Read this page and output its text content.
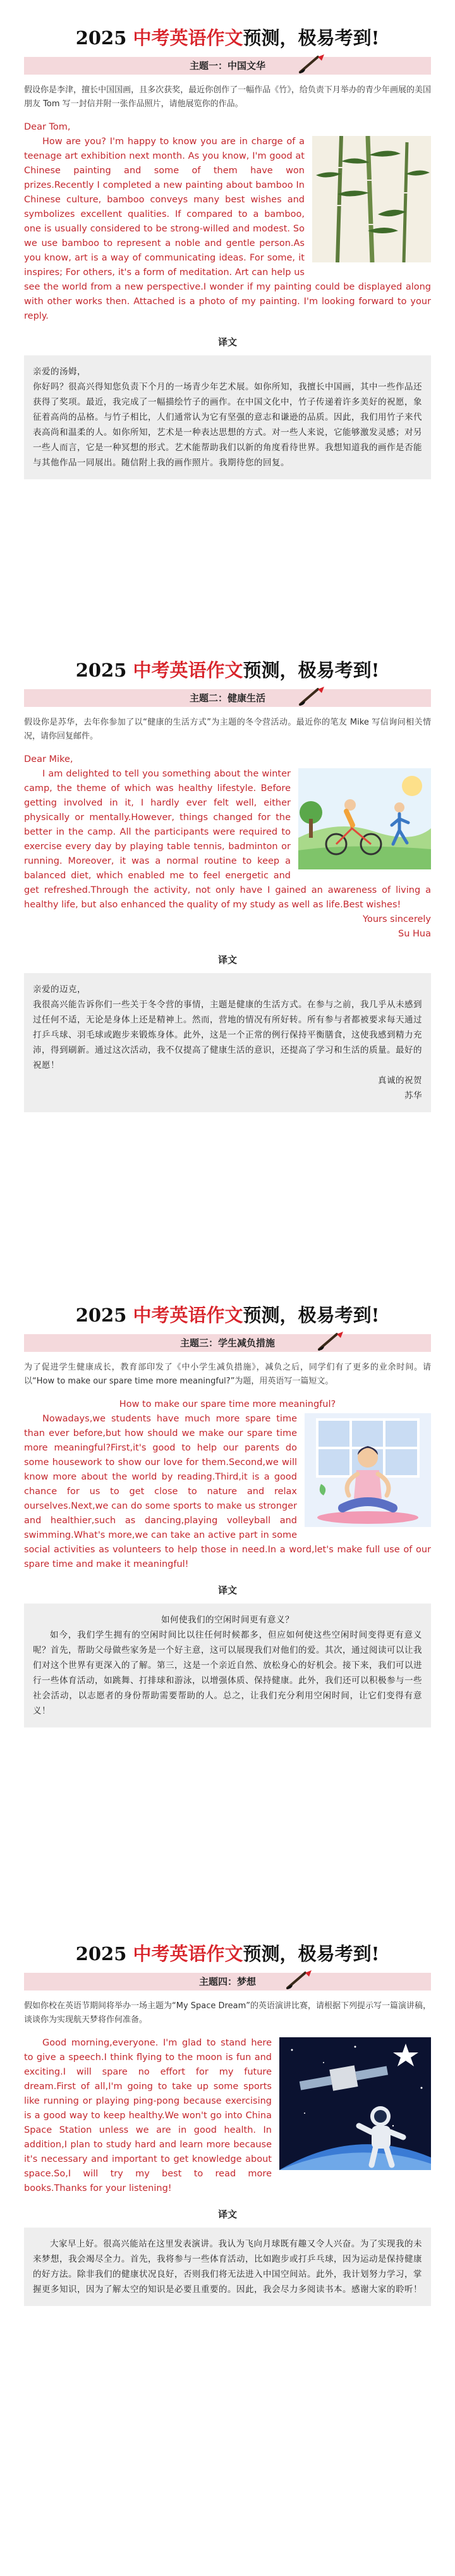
2025 中考英语作文预测，极易考到!
主题一：中国文华
假设你是李津，擅长中国国画，且多次获奖，最近你创作了一幅作品《竹》，给负责下月举办的青少年画展的美国朋友 Tom 写一封信并附一张作品照片，请他展览你的作品。

Dear Tom,

How are you? I'm happy to know you are in charge of a teenage art exhibition next month. As you know, I'm good at Chinese painting and some of them have won prizes.Recently I completed a new painting about bamboo In Chinese culture, bamboo conveys many best wishes and symbolizes excellent qualities. If compared to a bamboo, one is usually considered to be strong-willed and modest. So we use bamboo to represent a noble and gentle person.As you know, art is a way of communicating ideas. For some, it inspires; For others, it's a form of meditation. Art can help us see the world from a new perspective.I wonder if my painting could be displayed along with other works then. Attached is a photo of my painting. I'm looking forward to your reply.

译文

亲爱的汤姆，

你好吗？很高兴得知您负责下个月的一场青少年艺术展。如你所知，我擅长中国画，其中一些作品还获得了奖项。最近，我完成了一幅描绘竹子的画作。在中国文化中，竹子传递着许多美好的祝愿，象征着高尚的品格。与竹子相比，人们通常认为它有坚强的意志和谦逊的品质。因此，我们用竹子来代表高尚和温柔的人。如你所知，艺术是一种表达思想的方式。对一些人来说，它能够激发灵感；对另一些人而言，它是一种冥想的形式。艺术能帮助我们以新的角度看待世界。我想知道我的画作是否能与其他作品一同展出。随信附上我的画作照片。我期待您的回复。

2025 中考英语作文预测，极易考到!
主题二：健康生活
假设你是苏华，去年你参加了以“健康的生活方式”为主题的冬令营活动。最近你的笔友 Mike 写信询问相关情况，请你回复邮件。

Dear Mike,

I am delighted to tell you something about the winter camp, the theme of which was healthy lifestyle. Before getting involved in it, I hardly ever felt well, either physically or mentally.However, things changed for the better in the camp. All the participants were required to exercise every day by playing table tennis, badminton or running. Moreover, it was a normal routine to keep a balanced diet, which enabled me to feel energetic and get refreshed.Through the activity, not only have I gained an awareness of living a healthy life, but also enhanced the quality of my study as well as life.Best wishes!

Yours sincerely

Su Hua

译文

亲爱的迈克，

我很高兴能告诉你们一些关于冬令营的事情，主题是健康的生活方式。在参与之前，我几乎从未感到过任何不适，无论是身体上还是精神上。然而，营地的情况有所好转。所有参与者都被要求每天通过打乒乓球、羽毛球或跑步来锻炼身体。此外，这是一个正常的例行保持平衡膳食，这使我感到精力充沛，得到刷新。通过这次活动，我不仅提高了健康生活的意识，还提高了学习和生活的质量。最好的祝愿！

真诚的祝贺

苏华

2025 中考英语作文预测，极易考到!
主题三：学生减负措施
为了促进学生健康成长，教育部印发了《中小学生减负措施》，减负之后，同学们有了更多的业余时间。请以“How to make our spare time more meaningful?”为题，用英语写一篇短文。

How to make our spare time more meaningful?

Nowadays,we students have much more spare time than ever before,but how should we make our spare time more meaningful?First,it's good to help our parents do some housework to show our love for them.Second,we will know more about the world by reading.Third,it is a good chance for us to get close to nature and relax ourselves.Next,we can do some sports to make us stronger and healthier,such as dancing,playing volleyball and swimming.What's more,we can take an active part in some social activities as volunteers to help those in need.In a word,let's make full use of our spare time and make it meaningful!

译文

如何使我们的空闲时间更有意义？

如今，我们学生拥有的空闲时间比以往任何时候都多，但应如何使这些空闲时间变得更有意义呢？首先，帮助父母做些家务是一个好主意，这可以展现我们对他们的爱。其次，通过阅读可以让我们对这个世界有更深入的了解。第三，这是一个亲近自然、放松身心的好机会。接下来，我们可以进行一些体育活动，如跳舞、打排球和游泳，以增强体质、保持健康。此外，我们还可以积极参与一些社会活动，以志愿者的身份帮助需要帮助的人。总之，让我们充分利用空闲时间，让它们变得有意义！

2025 中考英语作文预测，极易考到!
主题四：梦想
假如你校在英语节期间将举办一场主题为“My Space Dream”的英语演讲比赛，请根据下列提示写一篇演讲稿，谈谈你为实现航天梦将作何准备。

Good morning,everyone. I'm glad to stand here to give a speech.I think flying to the moon is fun and exciting.I will spare no effort for my future dream.First of all,I'm going to take up some sports like running or playing ping-pong because exercising is a good way to keep healthy.We won't go into China Space Station unless we are in good health. In addition,I plan to study hard and learn more because it's necessary and important to get knowledge about space.So,I will try my best to read more books.Thanks for your listening!

译文

大家早上好。很高兴能站在这里发表演讲。我认为飞向月球既有趣又令人兴奋。为了实现我的未来梦想，我会竭尽全力。首先，我将参与一些体育活动，比如跑步或打乒乓球，因为运动是保持健康的好方法。除非我们的健康状况良好，否则我们将无法进入中国空间站。此外，我计划努力学习，掌握更多知识，因为了解太空的知识是必要且重要的。因此，我会尽力多阅读书本。感谢大家的聆听！
